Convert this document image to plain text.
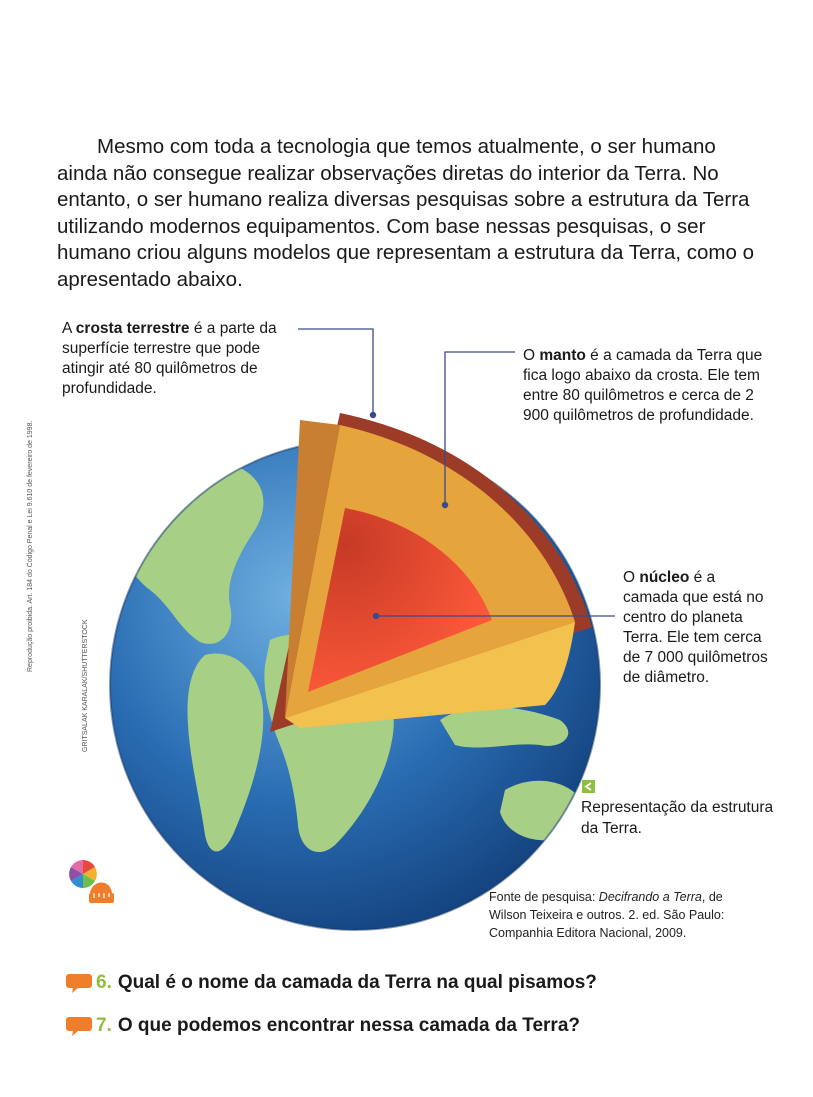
Mesmo com toda a tecnologia que temos atualmente, o ser humano ainda não consegue realizar observações diretas do interior da Terra. No entanto, o ser humano realiza diversas pesquisas sobre a estrutura da Terra utilizando modernos equipamentos. Com base nessas pesquisas, o ser humano criou alguns modelos que representam a estrutura da Terra, como o apresentado abaixo.

A crosta terrestre é a parte da superfície terrestre que pode atingir até 80 quilômetros de profundidade.
O manto é a camada da Terra que fica logo abaixo da crosta. Ele tem entre 80 quilômetros e cerca de 2 900 quilômetros de profundidade.
O núcleo é a camada que está no centro do planeta Terra. Ele tem cerca de 7 000 quilômetros de diâmetro.
Representação da estrutura da Terra.
Fonte de pesquisa: Decifrando a Terra, de Wilson Teixeira e outros. 2. ed. São Paulo: Companhia Editora Nacional, 2009.
Reprodução proibida. Art. 184 do Código Penal e Lei 9.610 de fevereiro de 1998.
GRITSALAK KARALAK/SHUTTERSTOCK
6. Qual é o nome da camada da Terra na qual pisamos?
7. O que podemos encontrar nessa camada da Terra?
